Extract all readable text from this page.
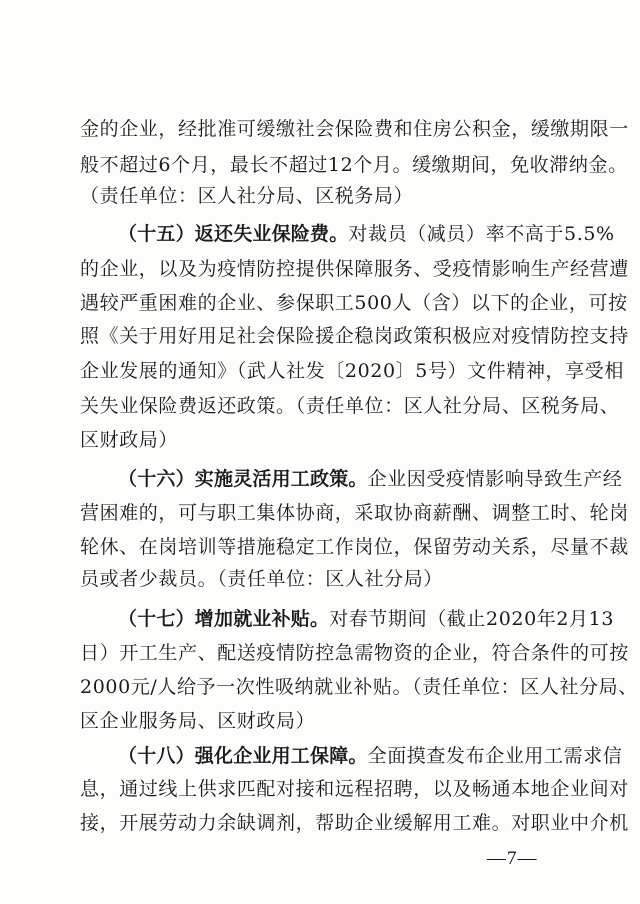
金的企业，经批准可缓缴社会保险费和住房公积金，缓缴期限一
般不超过6个月，最长不超过12个月。缓缴期间，免收滞纳金。
（责任单位：区人社分局、区税务局）
（十五）返还失业保险费。对裁员（减员）率不高于5.5%
的企业，以及为疫情防控提供保障服务、受疫情影响生产经营遭
遇较严重困难的企业、参保职工500人（含）以下的企业，可按
照《关于用好用足社会保险援企稳岗政策积极应对疫情防控支持
企业发展的通知》（武人社发〔2020〕5号）文件精神，享受相
关失业保险费返还政策。（责任单位：区人社分局、区税务局、
区财政局）
（十六）实施灵活用工政策。企业因受疫情影响导致生产经
营困难的，可与职工集体协商，采取协商薪酬、调整工时、轮岗
轮休、在岗培训等措施稳定工作岗位，保留劳动关系，尽量不裁
员或者少裁员。（责任单位：区人社分局）
（十七）增加就业补贴。对春节期间（截止2020年2月13
日）开工生产、配送疫情防控急需物资的企业，符合条件的可按
2000元/人给予一次性吸纳就业补贴。（责任单位：区人社分局、
区企业服务局、区财政局）
（十八）强化企业用工保障。全面摸查发布企业用工需求信
息，通过线上供求匹配对接和远程招聘，以及畅通本地企业间对
接，开展劳动力余缺调剂，帮助企业缓解用工难。对职业中介机
—7—
